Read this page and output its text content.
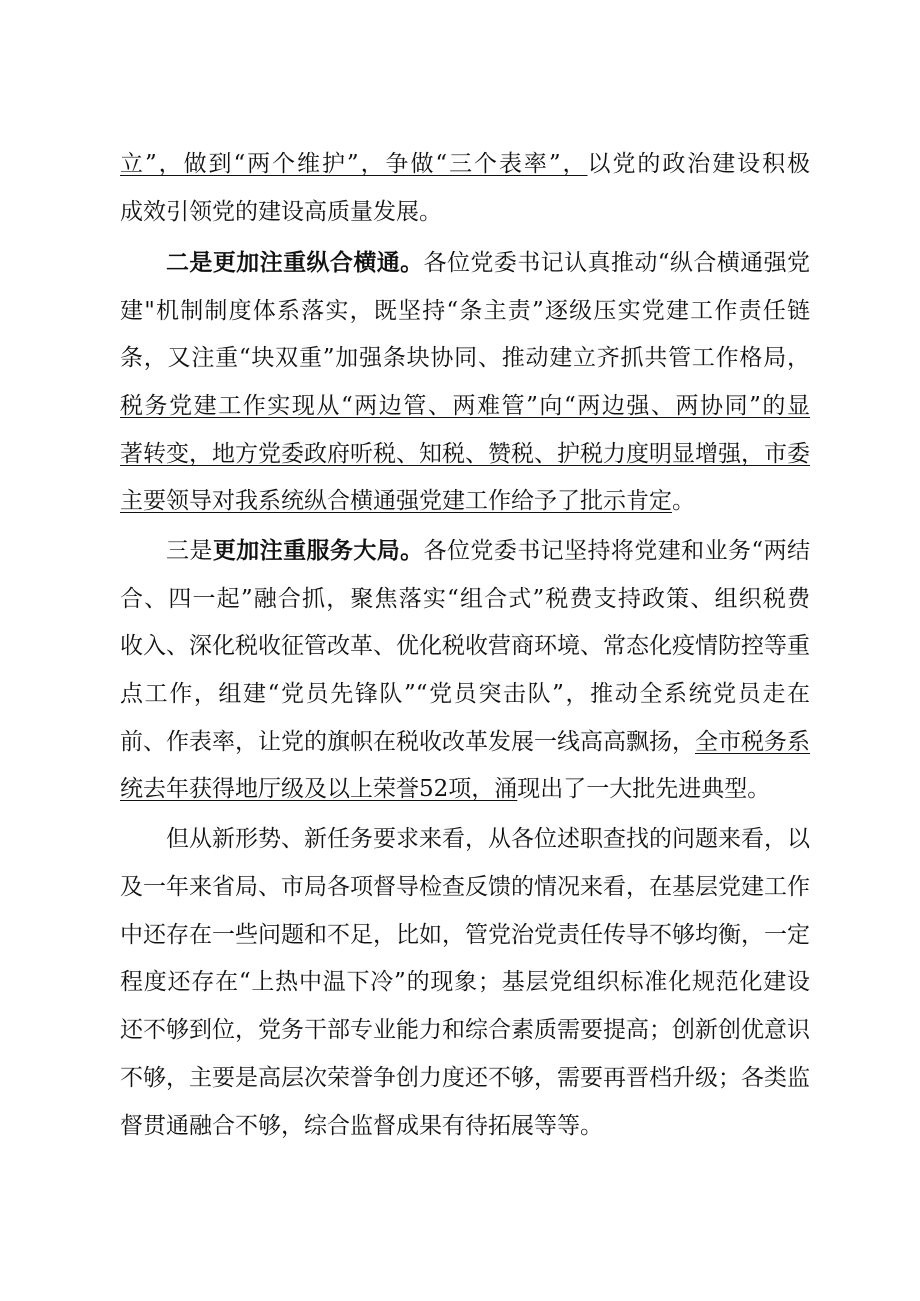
立”，做到“两个维护”，争做“三个表率”，以党的政治建设积极
成效引领党的建设高质量发展。
二是更加注重纵合横通。各位党委书记认真推动“纵合横通强党
建"机制制度体系落实，既坚持“条主责”逐级压实党建工作责任链
条，又注重“块双重”加强条块协同、推动建立齐抓共管工作格局，
税务党建工作实现从“两边管、两难管”向“两边强、两协同”的显
著转变，地方党委政府听税、知税、赞税、护税力度明显增强，市委
主要领导对我系统纵合横通强党建工作给予了批示肯定。
三是更加注重服务大局。各位党委书记坚持将党建和业务“两结
合、四一起”融合抓，聚焦落实“组合式”税费支持政策、组织税费
收入、深化税收征管改革、优化税收营商环境、常态化疫情防控等重
点工作，组建“党员先锋队”“党员突击队”，推动全系统党员走在
前、作表率，让党的旗帜在税收改革发展一线高高飘扬，全市税务系
统去年获得地厅级及以上荣誉52项，涌现出了一大批先进典型。
但从新形势、新任务要求来看，从各位述职查找的问题来看，以
及一年来省局、市局各项督导检查反馈的情况来看，在基层党建工作
中还存在一些问题和不足，比如，管党治党责任传导不够均衡，一定
程度还存在“上热中温下冷”的现象；基层党组织标准化规范化建设
还不够到位，党务干部专业能力和综合素质需要提高；创新创优意识
不够，主要是高层次荣誉争创力度还不够，需要再晋档升级；各类监
督贯通融合不够，综合监督成果有待拓展等等。
